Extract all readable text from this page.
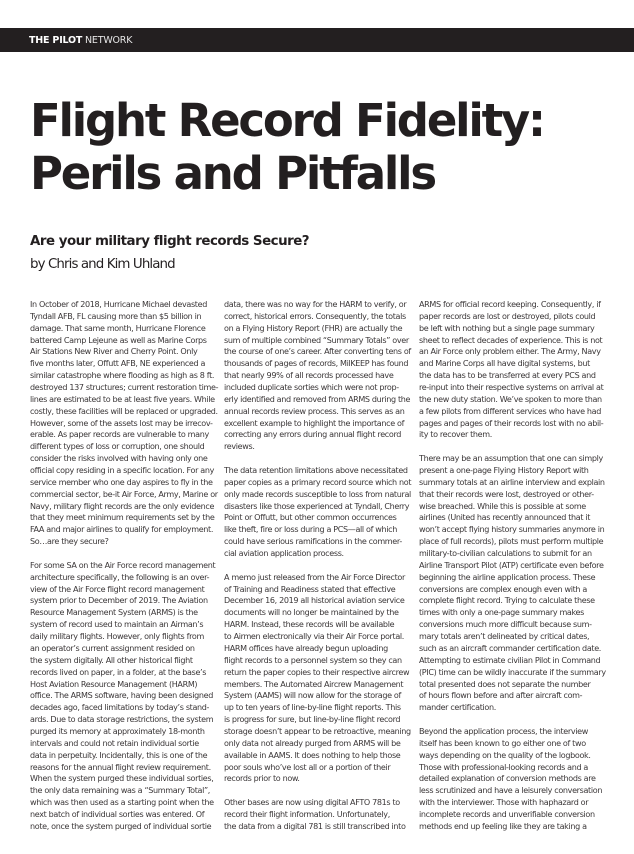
THE PILOT NETWORK
Flight Record Fidelity:
Perils and Pitfalls
Are your military flight records Secure?
by Chris and Kim Uhland
In October of 2018, Hurricane Michael devasted
Tyndall AFB, FL causing more than $5 billion in
damage. That same month, Hurricane Florence
battered Camp Lejeune as well as Marine Corps
Air Stations New River and Cherry Point. Only
five months later, Offutt AFB, NE experienced a
similar catastrophe where flooding as high as 8 ft.
destroyed 137 structures; current restoration time-
lines are estimated to be at least five years. While
costly, these facilities will be replaced or upgraded.
However, some of the assets lost may be irrecov-
erable. As paper records are vulnerable to many
different types of loss or corruption, one should
consider the risks involved with having only one
official copy residing in a specific location. For any
service member who one day aspires to fly in the
commercial sector, be-it Air Force, Army, Marine or
Navy, military flight records are the only evidence
that they meet minimum requirements set by the
FAA and major airlines to qualify for employment.
So…are they secure?
For some SA on the Air Force record management
architecture specifically, the following is an over-
view of the Air Force flight record management
system prior to December of 2019. The Aviation
Resource Management System (ARMS) is the
system of record used to maintain an Airman’s
daily military flights. However, only flights from
an operator’s current assignment resided on
the system digitally. All other historical flight
records lived on paper, in a folder, at the base’s
Host Aviation Resource Management (HARM)
office. The ARMS software, having been designed
decades ago, faced limitations by today’s stand-
ards. Due to data storage restrictions, the system
purged its memory at approximately 18-month
intervals and could not retain individual sortie
data in perpetuity. Incidentally, this is one of the
reasons for the annual flight review requirement.
When the system purged these individual sorties,
the only data remaining was a “Summary Total”,
which was then used as a starting point when the
next batch of individual sorties was entered. Of
note, once the system purged of individual sortie
data, there was no way for the HARM to verify, or
correct, historical errors. Consequently, the totals
on a Flying History Report (FHR) are actually the
sum of multiple combined “Summary Totals” over
the course of one’s career. After converting tens of
thousands of pages of records, MilKEEP has found
that nearly 99% of all records processed have
included duplicate sorties which were not prop-
erly identified and removed from ARMS during the
annual records review process. This serves as an
excellent example to highlight the importance of
correcting any errors during annual flight record
reviews.
The data retention limitations above necessitated
paper copies as a primary record source which not
only made records susceptible to loss from natural
disasters like those experienced at Tyndall, Cherry
Point or Offutt, but other common occurrences
like theft, fire or loss during a PCS—all of which
could have serious ramifications in the commer-
cial aviation application process.
A memo just released from the Air Force Director
of Training and Readiness stated that effective
December 16, 2019 all historical aviation service
documents will no longer be maintained by the
HARM. Instead, these records will be available
to Airmen electronically via their Air Force portal.
HARM offices have already begun uploading
flight records to a personnel system so they can
return the paper copies to their respective aircrew
members. The Automated Aircrew Management
System (AAMS) will now allow for the storage of
up to ten years of line-by-line flight reports. This
is progress for sure, but line-by-line flight record
storage doesn’t appear to be retroactive, meaning
only data not already purged from ARMS will be
available in AAMS. It does nothing to help those
poor souls who’ve lost all or a portion of their
records prior to now.
Other bases are now using digital AFTO 781s to
record their flight information. Unfortunately,
the data from a digital 781 is still transcribed into
ARMS for official record keeping. Consequently, if
paper records are lost or destroyed, pilots could
be left with nothing but a single page summary
sheet to reflect decades of experience. This is not
an Air Force only problem either. The Army, Navy
and Marine Corps all have digital systems, but
the data has to be transferred at every PCS and
re-input into their respective systems on arrival at
the new duty station. We’ve spoken to more than
a few pilots from different services who have had
pages and pages of their records lost with no abil-
ity to recover them.
There may be an assumption that one can simply
present a one-page Flying History Report with
summary totals at an airline interview and explain
that their records were lost, destroyed or other-
wise breached. While this is possible at some
airlines (United has recently announced that it
won’t accept flying history summaries anymore in
place of full records), pilots must perform multiple
military-to-civilian calculations to submit for an
Airline Transport Pilot (ATP) certificate even before
beginning the airline application process. These
conversions are complex enough even with a
complete flight record. Trying to calculate these
times with only a one-page summary makes
conversions much more difficult because sum-
mary totals aren’t delineated by critical dates,
such as an aircraft commander certification date.
Attempting to estimate civilian Pilot in Command
(PIC) time can be wildly inaccurate if the summary
total presented does not separate the number
of hours flown before and after aircraft com-
mander certification.
Beyond the application process, the interview
itself has been known to go either one of two
ways depending on the quality of the logbook.
Those with professional-looking records and a
detailed explanation of conversion methods are
less scrutinized and have a leisurely conversation
with the interviewer. Those with haphazard or
incomplete records and unverifiable conversion
methods end up feeling like they are taking a
